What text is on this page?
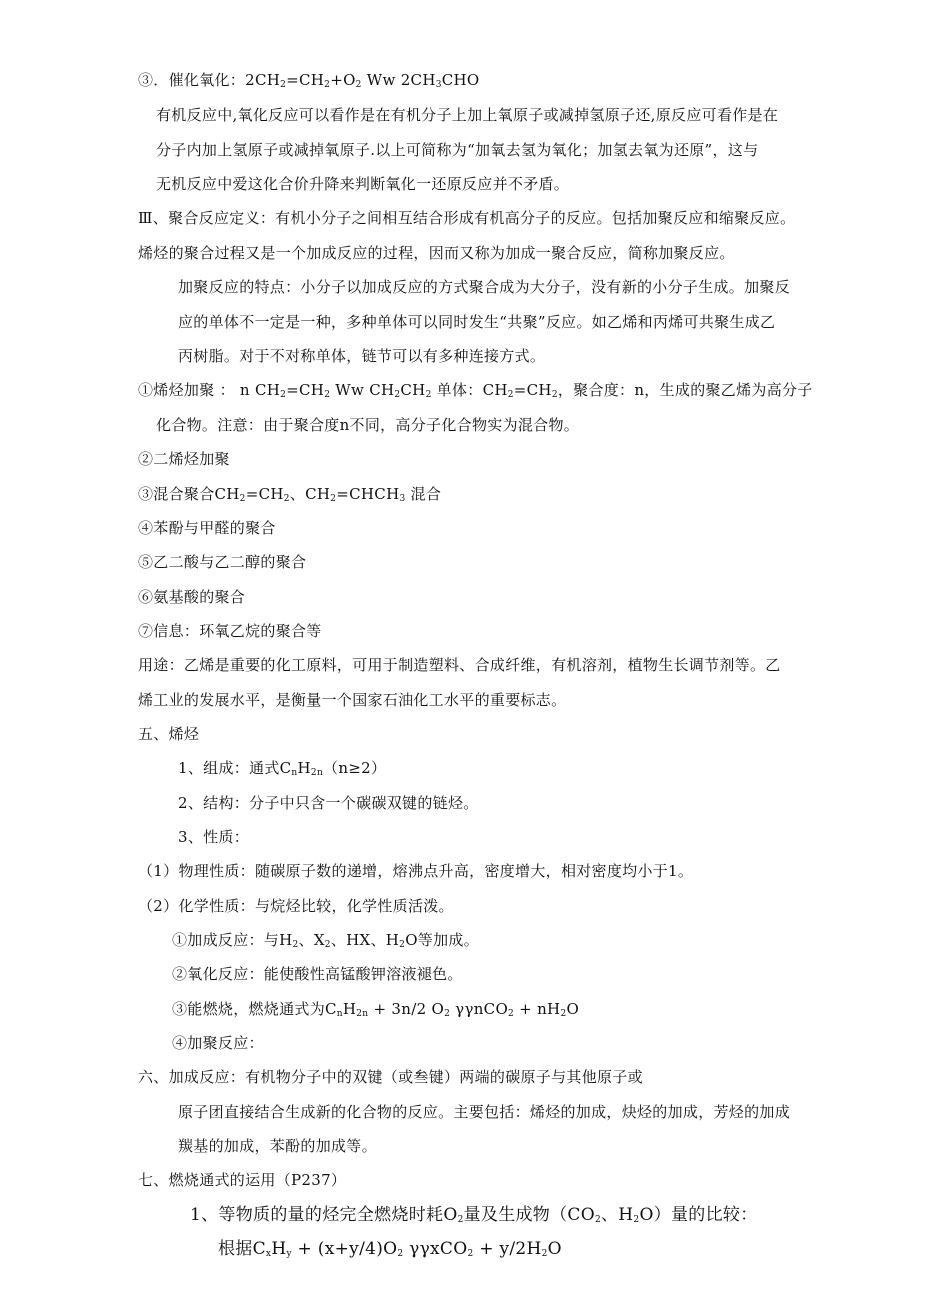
③．催化氧化：$2CH_2=CH_2+O_2$ Ww $2CH_3CHO$
有机反应中,氧化反应可以看作是在有机分子上加上氧原子或减掉氢原子还,原反应可看作是在
分子内加上氢原子或减掉氧原子.以上可简称为“加氧去氢为氧化；加氢去氧为还原”，这与
无机反应中爱这化合价升降来判断氧化一还原反应并不矛盾。
Ⅲ、聚合反应定义：有机小分子之间相互结合形成有机高分子的反应。包括加聚反应和缩聚反应。
烯烃的聚合过程又是一个加成反应的过程，因而又称为加成一聚合反应，简称加聚反应。
加聚反应的特点：小分子以加成反应的方式聚合成为大分子，没有新的小分子生成。加聚反
应的单体不一定是一种，多种单体可以同时发生“共聚”反应。如乙烯和丙烯可共聚生成乙
丙树脂。对于不对称单体，链节可以有多种连接方式。
①烯烃加聚 ： n $CH_2=CH_2$ Ww $CH_2CH_2$ 单体：$CH_2=CH_2$，聚合度：n，生成的聚乙烯为高分子
化合物。注意：由于聚合度n不同，高分子化合物实为混合物。
②二烯烃加聚
③混合聚合$CH_2=CH_2$、$CH_2=CHCH_3$ 混合
④苯酚与甲醛的聚合
⑤乙二酸与乙二醇的聚合
⑥氨基酸的聚合
⑦信息：环氧乙烷的聚合等
用途：乙烯是重要的化工原料，可用于制造塑料、合成纤维，有机溶剂，植物生长调节剂等。乙
烯工业的发展水平，是衡量一个国家石油化工水平的重要标志。
五、烯烃
1、组成：通式$C_nH_{2n}(n\ge 2)$
2、结构：分子中只含一个碳碳双键的链烃。
3、性质：
（1）物理性质：随碳原子数的递增，熔沸点升高，密度增大，相对密度均小于1。
（2）化学性质：与烷烃比较，化学性质活泼。
①加成反应：与$H_2$、$X_2$、HX、$H_2O$等加成。
②氧化反应：能使酸性高锰酸钾溶液褪色。
③能燃烧，燃烧通式为$C_nH_{2n} + 3n/2$ $O_2$ $\gamma\gamma nCO_2 + nH_2O$
④加聚反应：
六、加成反应：有机物分子中的双键（或叁键）两端的碳原子与其他原子或
原子团直接结合生成新的化合物的反应。主要包括：烯烃的加成，炔烃的加成，芳烃的加成
羰基的加成，苯酚的加成等。
七、燃烧通式的运用（P237）
1、等物质的量的烃完全燃烧时耗$O_2$量及生成物（$CO_2$、$H_2O$）量的比较：
根据$C_xH_y + (x+y/4)O_2$ $\gamma\gamma xCO_2 + y/2H_2O$
